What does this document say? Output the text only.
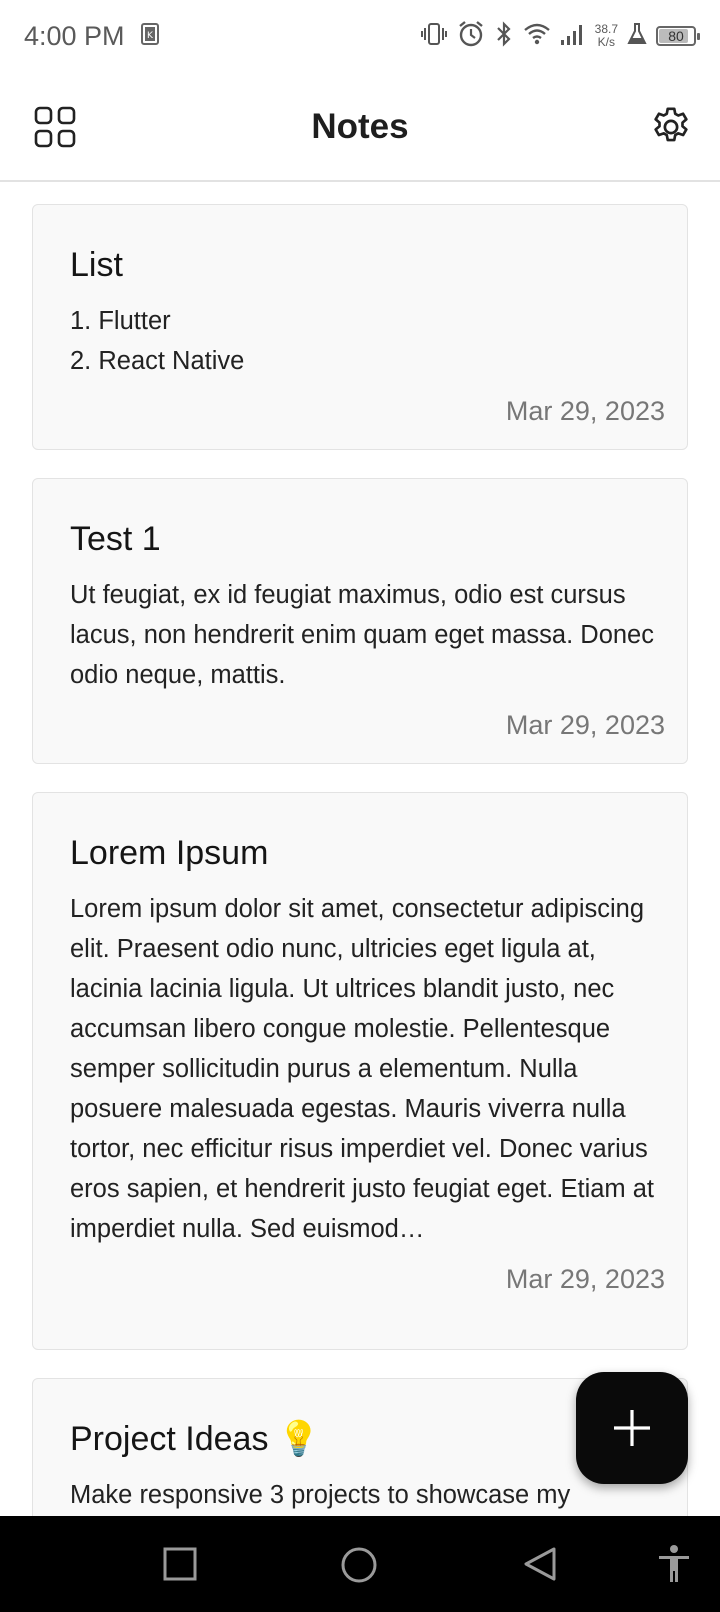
4:00 PM K	38.7
K/s	80
Notes
List
1. Flutter
2. React Native
Mar 29, 2023
Test 1
Ut feugiat, ex id feugiat maximus, odio est cursus lacus, non hendrerit enim quam eget massa. Donec odio neque, mattis.
Mar 29, 2023
Lorem Ipsum
Lorem ipsum dolor sit amet, consectetur adipiscing elit. Praesent odio nunc, ultricies eget ligula at, lacinia lacinia ligula. Ut ultrices blandit justo, nec accumsan libero congue molestie. Pellentesque semper sollicitudin purus a elementum. Nulla posuere malesuada egestas. Mauris viverra nulla tortor, nec efficitur risus imperdiet vel. Donec varius eros sapien, et hendrerit justo feugiat eget. Etiam at imperdiet nulla. Sed euismod…
Mar 29, 2023
Project Ideas 💡
Make responsive 3 projects to showcase my
